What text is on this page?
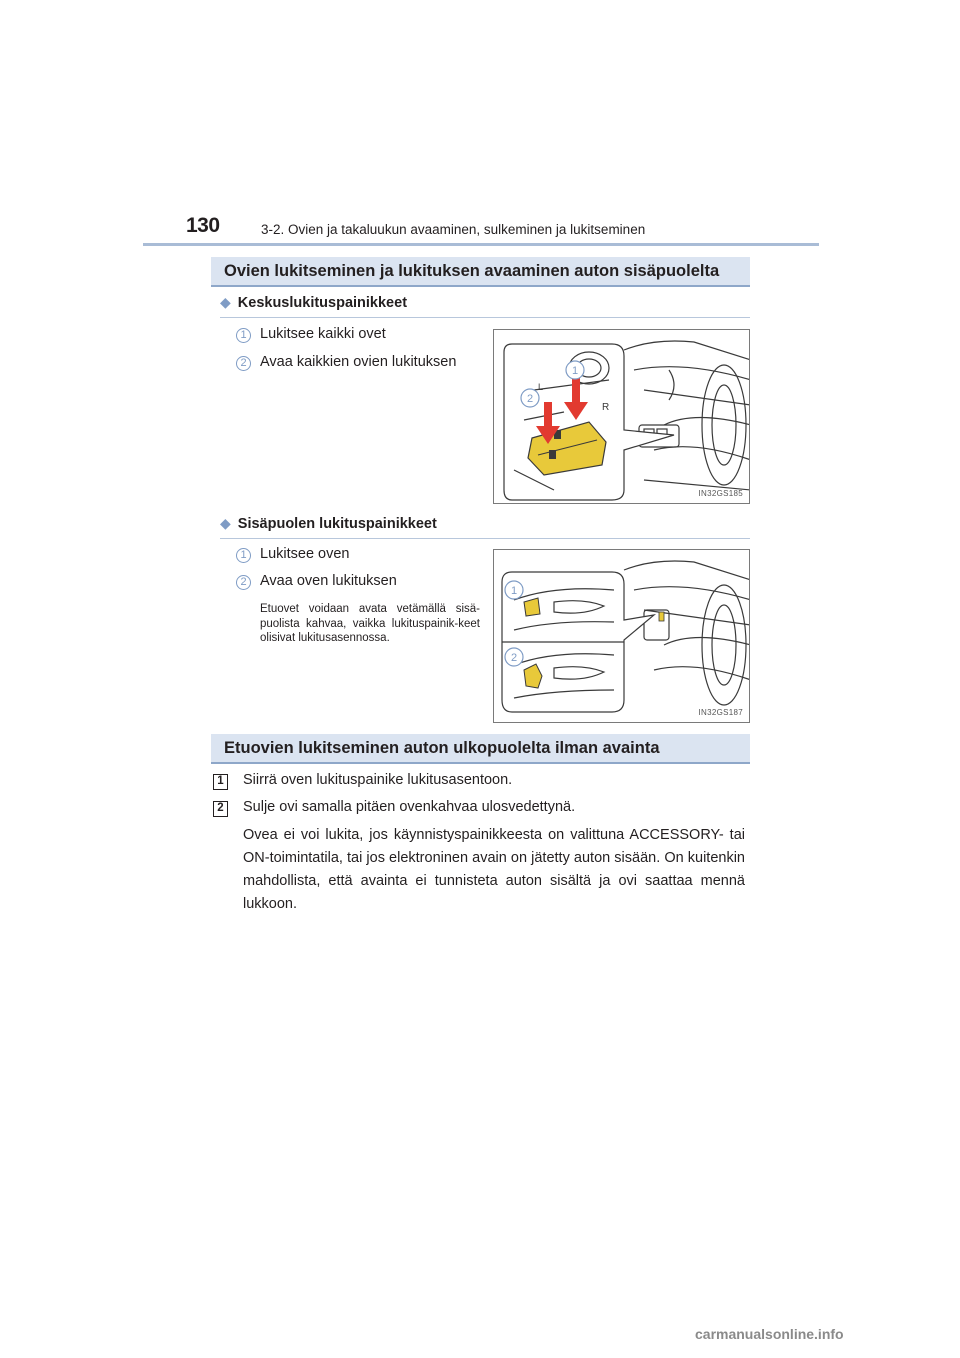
130	3-2. Ovien ja takaluukun avaaminen, sulkeminen ja lukitseminen
Ovien lukitseminen ja lukituksen avaaminen auton sisäpuolelta
◆ Keskuslukituspainikkeet
1 Lukitsee kaikki ovet
2 Avaa kaikkien ovien lukituksen
L
R
1
2
IN32GS185
◆ Sisäpuolen lukituspainikkeet
1 Lukitsee oven
2 Avaa oven lukituksen
Etuovet voidaan avata vetämällä sisä-puolista kahvaa, vaikka lukituspainik-keet olisivat lukitusasennossa.
1
2
IN32GS187
Etuovien lukitseminen auton ulkopuolelta ilman avainta
1 Siirrä oven lukituspainike lukitusasentoon.
2 Sulje ovi samalla pitäen ovenkahvaa ulosvedettynä.
Ovea ei voi lukita, jos käynnistyspainikkeesta on valittuna ACCESSORY- tai ON-toimintatila, tai jos elektroninen avain on jätetty auton sisään. On kuitenkin mahdollista, että avainta ei tunnisteta auton sisältä ja ovi saattaa mennä lukkoon.
carmanualsonline.info
